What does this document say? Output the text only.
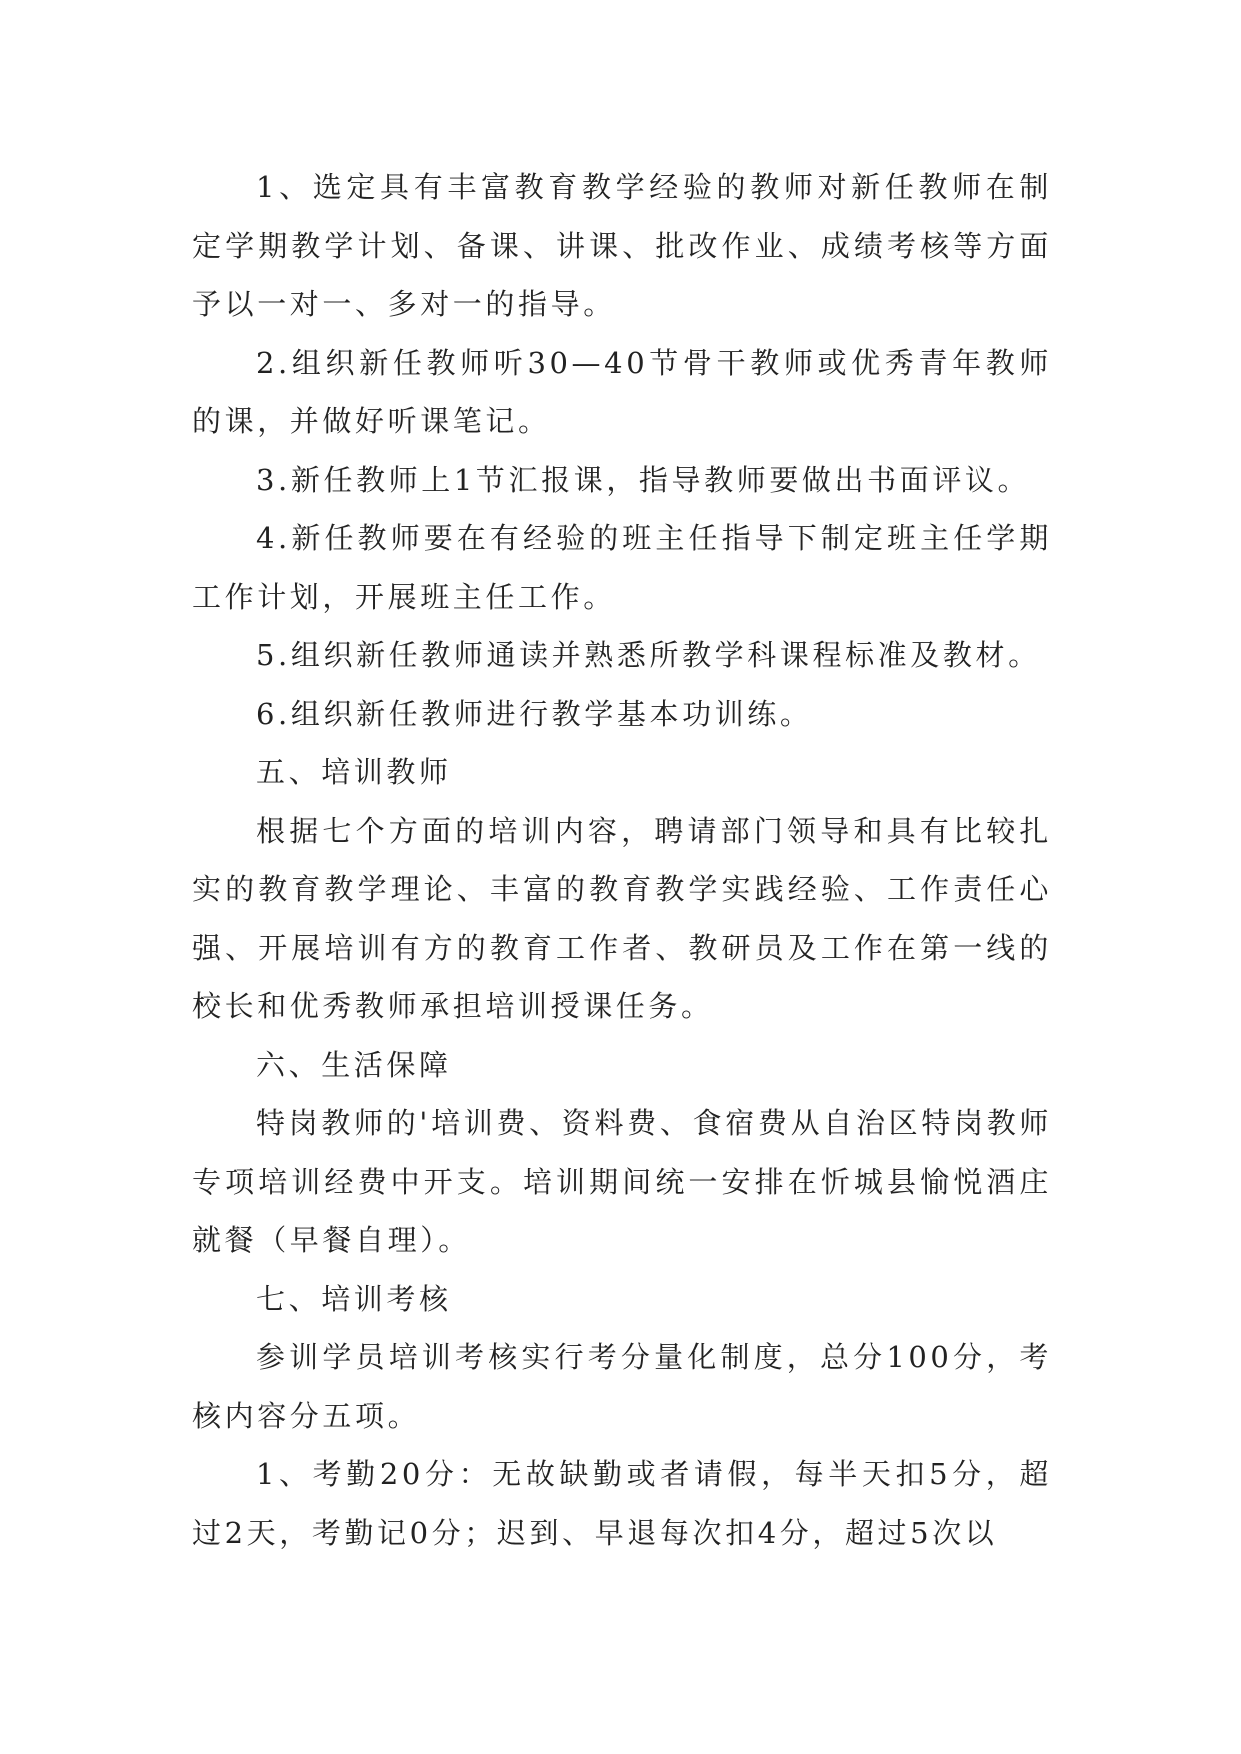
1、选定具有丰富教育教学经验的教师对新任教师在制定学期教学计划、备课、讲课、批改作业、成绩考核等方面予以一对一、多对一的指导。

2.组织新任教师听30—40节骨干教师或优秀青年教师的课，并做好听课笔记。

3.新任教师上1节汇报课，指导教师要做出书面评议。

4.新任教师要在有经验的班主任指导下制定班主任学期工作计划，开展班主任工作。

5.组织新任教师通读并熟悉所教学科课程标准及教材。

6.组织新任教师进行教学基本功训练。

五、培训教师

根据七个方面的培训内容，聘请部门领导和具有比较扎实的教育教学理论、丰富的教育教学实践经验、工作责任心强、开展培训有方的教育工作者、教研员及工作在第一线的校长和优秀教师承担培训授课任务。

六、生活保障

特岗教师的'培训费、资料费、食宿费从自治区特岗教师专项培训经费中开支。培训期间统一安排在忻城县愉悦酒庄就餐（早餐自理）。

七、培训考核

参训学员培训考核实行考分量化制度，总分100分，考核内容分五项。

1、考勤20分：无故缺勤或者请假，每半天扣5分，超过2天，考勤记0分；迟到、早退每次扣4分，超过5次以
